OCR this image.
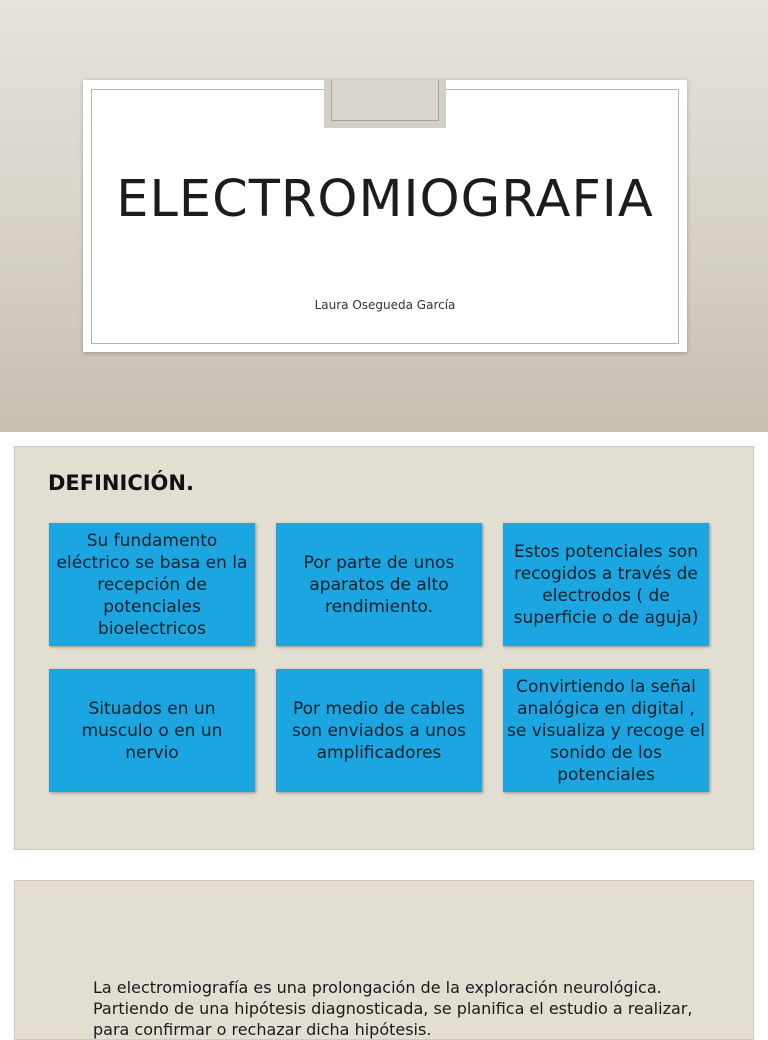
ELECTROMIOGRAFIA
Laura Osegueda García
DEFINICIÓN.
Su fundamento eléctrico se basa en la recepción de potenciales bioelectricos
Por parte de unos aparatos de alto rendimiento.
Estos potenciales son recogidos a través de electrodos ( de superficie o de aguja)
Situados en un musculo o en un nervio
Por medio de cables son enviados a unos amplificadores
Convirtiendo la señal analógica en digital , se visualiza y recoge el sonido de los potenciales

La electromiografía es una prolongación de la exploración neurológica. Partiendo de una hipótesis diagnosticada, se planifica el estudio a realizar, para confirmar o rechazar dicha hipótesis.
